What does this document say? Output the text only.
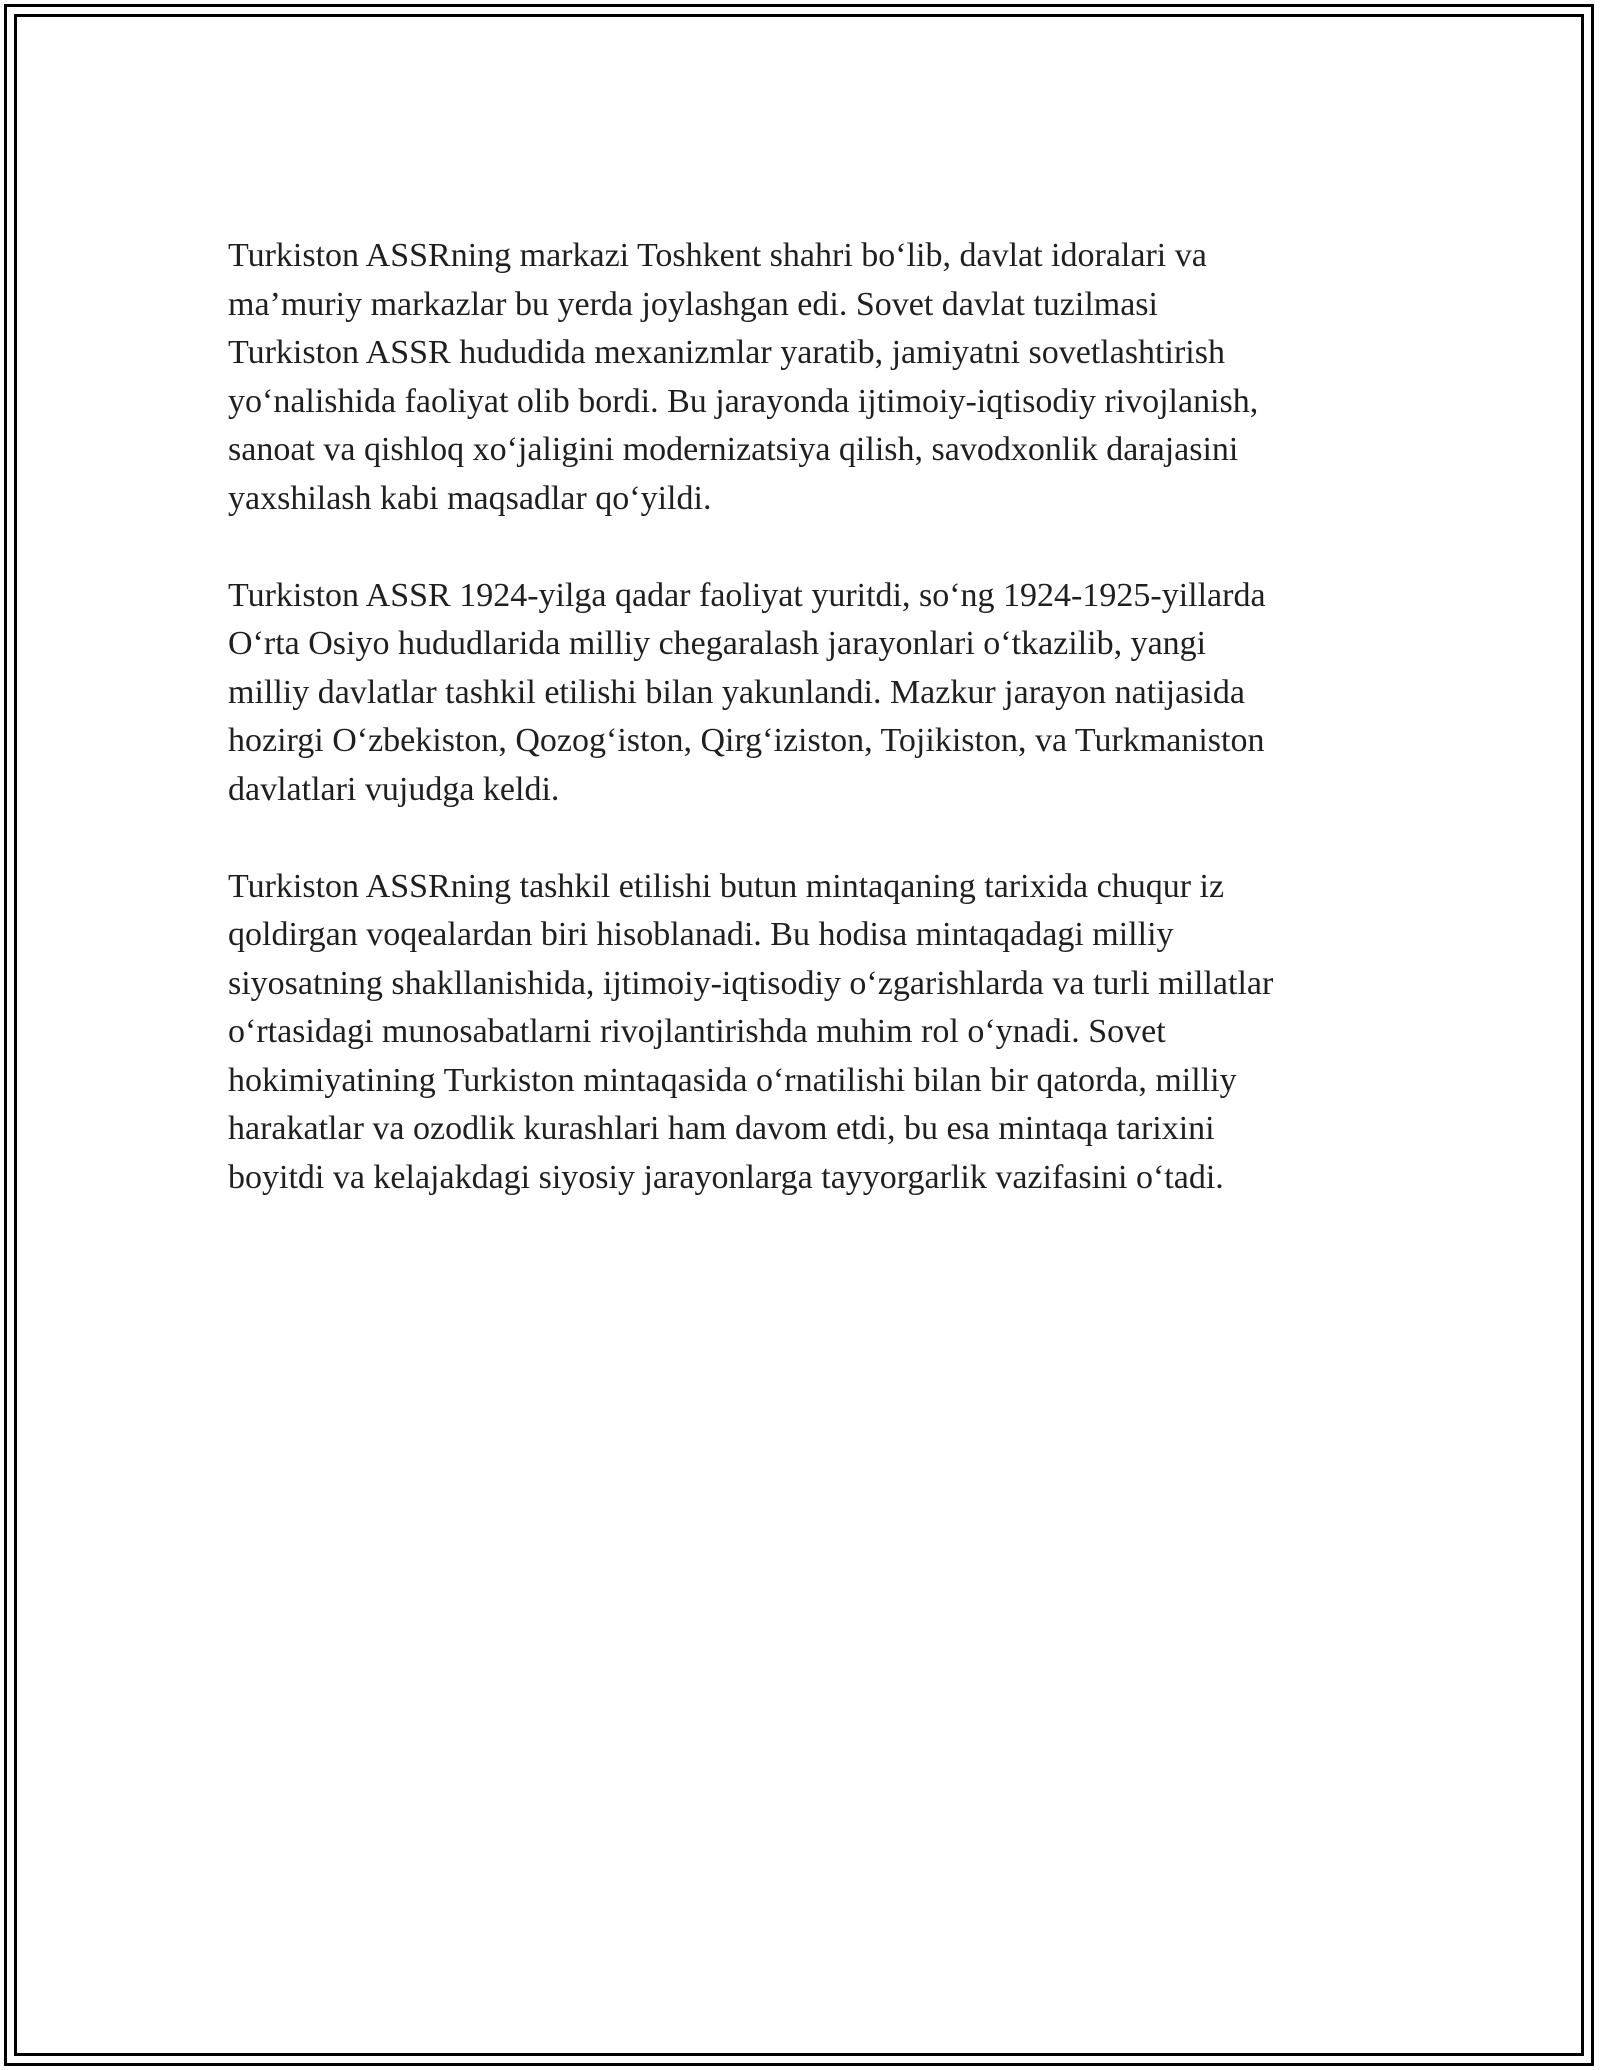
Turkiston ASSRning markazi Toshkent shahri bo‘lib, davlat idoralari va
ma’muriy markazlar bu yerda joylashgan edi. Sovet davlat tuzilmasi
Turkiston ASSR hududida mexanizmlar yaratib, jamiyatni sovetlashtirish
yo‘nalishida faoliyat olib bordi. Bu jarayonda ijtimoiy-iqtisodiy rivojlanish,
sanoat va qishloq xo‘jaligini modernizatsiya qilish, savodxonlik darajasini
yaxshilash kabi maqsadlar qo‘yildi.

Turkiston ASSR 1924-yilga qadar faoliyat yuritdi, so‘ng 1924-1925-yillarda
O‘rta Osiyo hududlarida milliy chegaralash jarayonlari o‘tkazilib, yangi
milliy davlatlar tashkil etilishi bilan yakunlandi. Mazkur jarayon natijasida
hozirgi O‘zbekiston, Qozog‘iston, Qirg‘iziston, Tojikiston, va Turkmaniston
davlatlari vujudga keldi.

Turkiston ASSRning tashkil etilishi butun mintaqaning tarixida chuqur iz
qoldirgan voqealardan biri hisoblanadi. Bu hodisa mintaqadagi milliy
siyosatning shakllanishida, ijtimoiy-iqtisodiy o‘zgarishlarda va turli millatlar
o‘rtasidagi munosabatlarni rivojlantirishda muhim rol o‘ynadi. Sovet
hokimiyatining Turkiston mintaqasida o‘rnatilishi bilan bir qatorda, milliy
harakatlar va ozodlik kurashlari ham davom etdi, bu esa mintaqa tarixini
boyitdi va kelajakdagi siyosiy jarayonlarga tayyorgarlik vazifasini o‘tadi.
